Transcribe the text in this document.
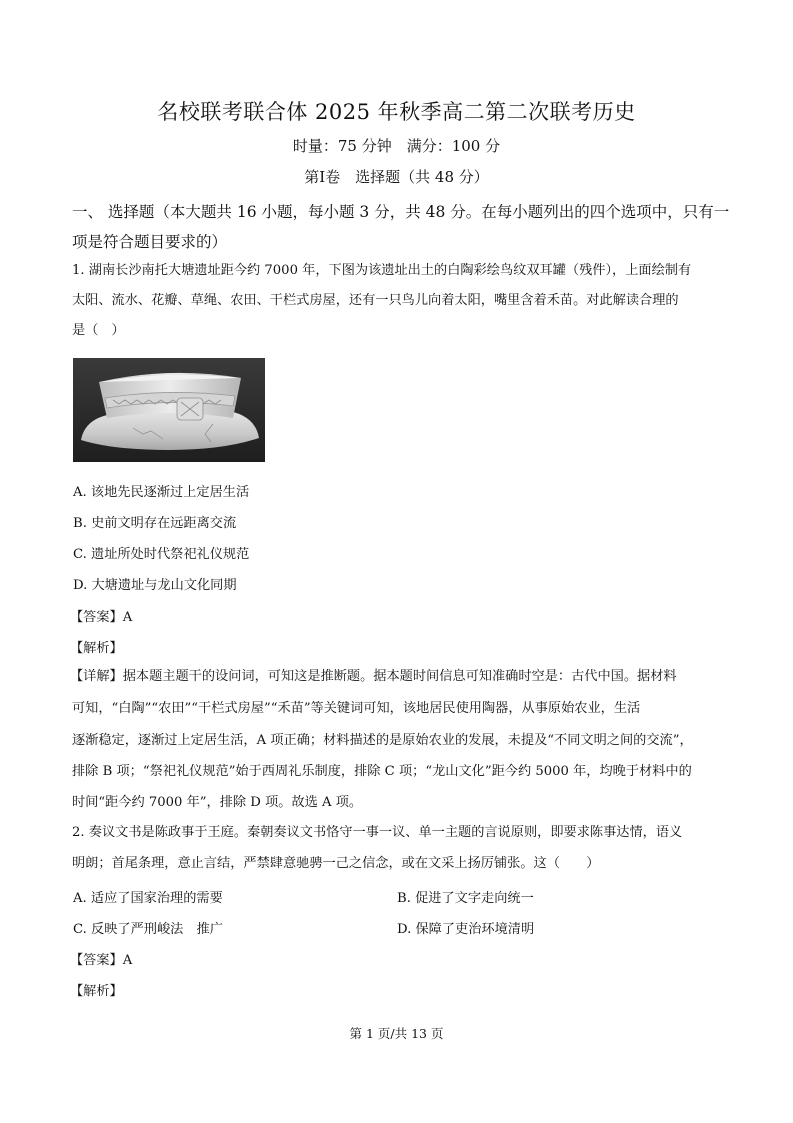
名校联考联合体 2025 年秋季高二第二次联考历史
时量：75 分钟　满分：100 分
第Ⅰ卷　选择题（共 48 分）
一、 选择题（本大题共 16 小题，每小题 3 分，共 48 分。在每小题列出的四个选项中，只有一项是符合题目要求的）
1. 湖南长沙南托大塘遗址距今约 7000 年，下图为该遗址出土的白陶彩绘鸟纹双耳罐（残件），上面绘制有
太阳、流水、花瓣、草绳、农田、干栏式房屋，还有一只鸟儿向着太阳，嘴里含着禾苗。对此解读合理的
是（　）
A. 该地先民逐渐过上定居生活
B. 史前文明存在远距离交流
C. 遗址所处时代祭祀礼仪规范
D. 大塘遗址与龙山文化同期
【答案】A
【解析】
【详解】据本题主题干的设问词，可知这是推断题。据本题时间信息可知准确时空是：古代中国。据材料
可知，“白陶”“农田”“干栏式房屋”“禾苗”等关键词可知，该地居民使用陶器，从事原始农业，生活
逐渐稳定，逐渐过上定居生活，A 项正确；材料描述的是原始农业的发展，未提及“不同文明之间的交流”，
排除 B 项；“祭祀礼仪规范”始于西周礼乐制度，排除 C 项；“龙山文化”距今约 5000 年，均晚于材料中的
时间“距今约 7000 年”，排除 D 项。故选 A 项。
2. 奏议文书是陈政事于王庭。秦朝奏议文书恪守一事一议、单一主题的言说原则，即要求陈事达情，语义
明朗；首尾条理，意止言结，严禁肆意驰骋一己之信念，或在文采上扬厉铺张。这（　　）
A. 适应了国家治理的需要	B. 促进了文字走向统一
C. 反映了严刑峻法　推广	D. 保障了吏治环境清明
【答案】A
【解析】
第 1 页/共 13 页
